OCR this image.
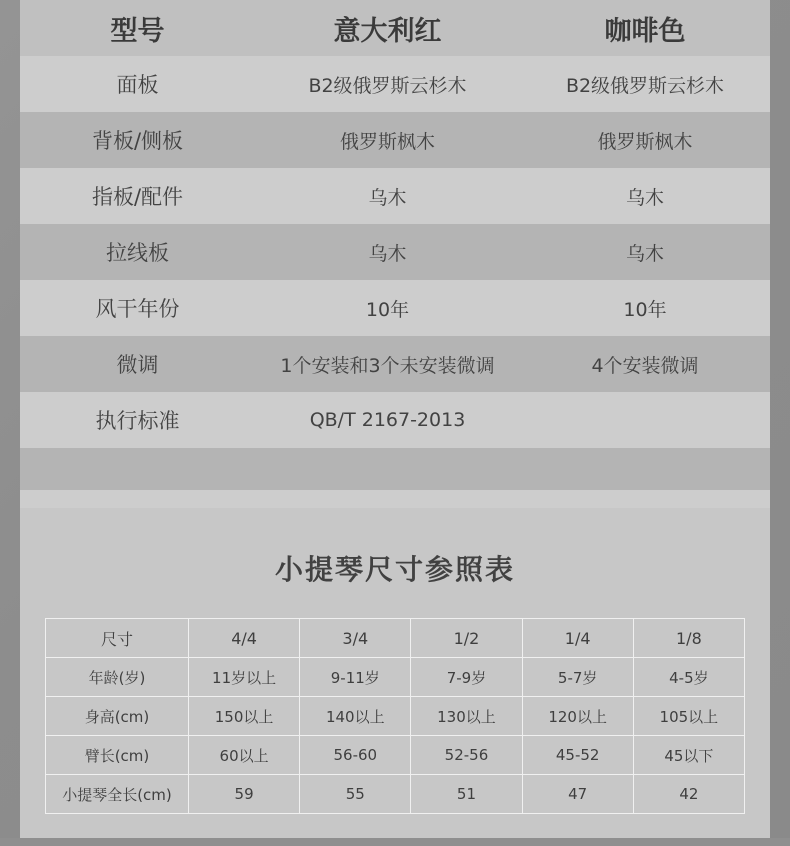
型号	意大利红	咖啡色
面板	B2级俄罗斯云杉木	B2级俄罗斯云杉木
背板/侧板	俄罗斯枫木	俄罗斯枫木
指板/配件	乌木	乌木
拉线板	乌木	乌木
风干年份	10年	10年
微调	1个安装和3个未安装微调	4个安装微调
执行标准	QB/T 2167-2013	
小提琴尺寸参照表
尺寸	4/4	3/4	1/2	1/4	1/8
年龄(岁)	11岁以上	9-11岁	7-9岁	5-7岁	4-5岁
身高(cm)	150以上	140以上	130以上	120以上	105以上
臂长(cm)	60以上	56-60	52-56	45-52	45以下
小提琴全长(cm)	59	55	51	47	42
